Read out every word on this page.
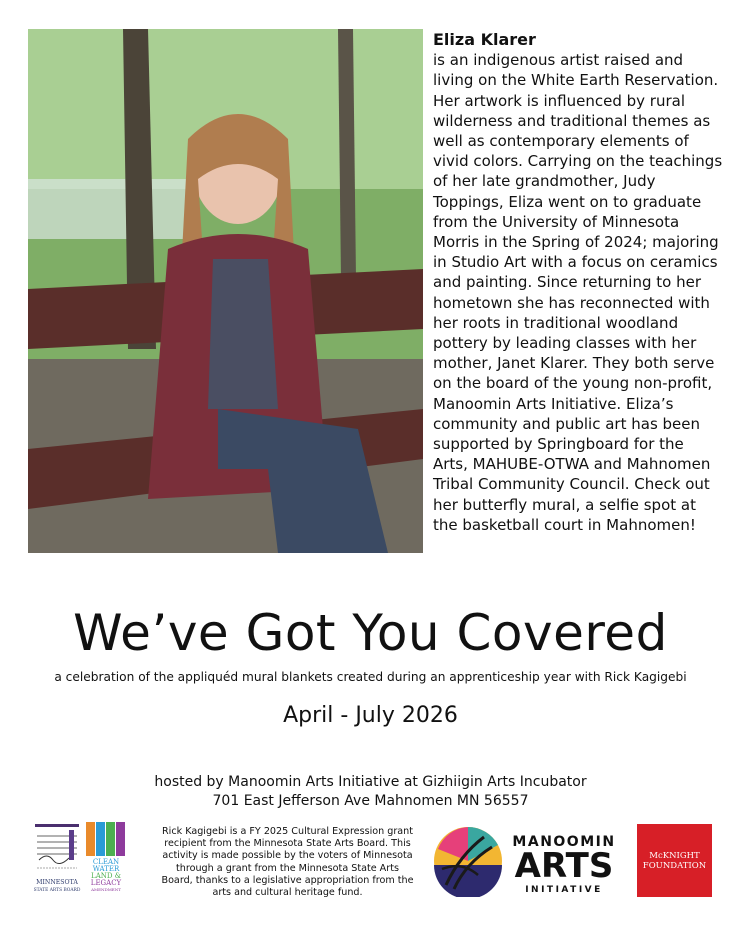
Eliza Klarer
is an indigenous artist raised and living on the White Earth Reservation. Her artwork is influenced by rural wilderness and traditional themes as well as contemporary elements of vivid colors. Carrying on the teachings of her late grandmother, Judy Toppings, Eliza went on to graduate from the University of Minnesota Morris in the Spring of 2024; majoring in Studio Art with a focus on ceramics and painting. Since returning to her hometown she has reconnected with her roots in traditional woodland pottery by leading classes with her mother, Janet Klarer. They both serve on the board of the young non-profit, Manoomin Arts Initiative. Eliza’s community and public art has been supported by Springboard for the Arts, MAHUBE-OTWA and Mahnomen Tribal Community Council. Check out her butterfly mural, a selfie spot at the basketball court in Mahnomen!
We’ve Got You Covered
a celebration of the appliquéd mural blankets created during an apprenticeship year with Rick Kagigebi
April - July 2026
hosted by Manoomin Arts Initiative at Gizhiigin Arts Incubator
701 East Jefferson Ave Mahnomen MN 56557
MINNESOTA
STATE ARTS BOARD
CLEAN
WATER
LAND &
LEGACY
AMENDMENT
Rick Kagigebi is a FY 2025 Cultural Expression grant recipient from the Minnesota State Arts Board. This activity is made possible by the voters of Minnesota through a grant from the Minnesota State Arts Board, thanks to a legislative appropriation from the arts and cultural heritage fund.
MANOOMIN
ARTS
INITIATIVE
McKNIGHT
FOUNDATION
